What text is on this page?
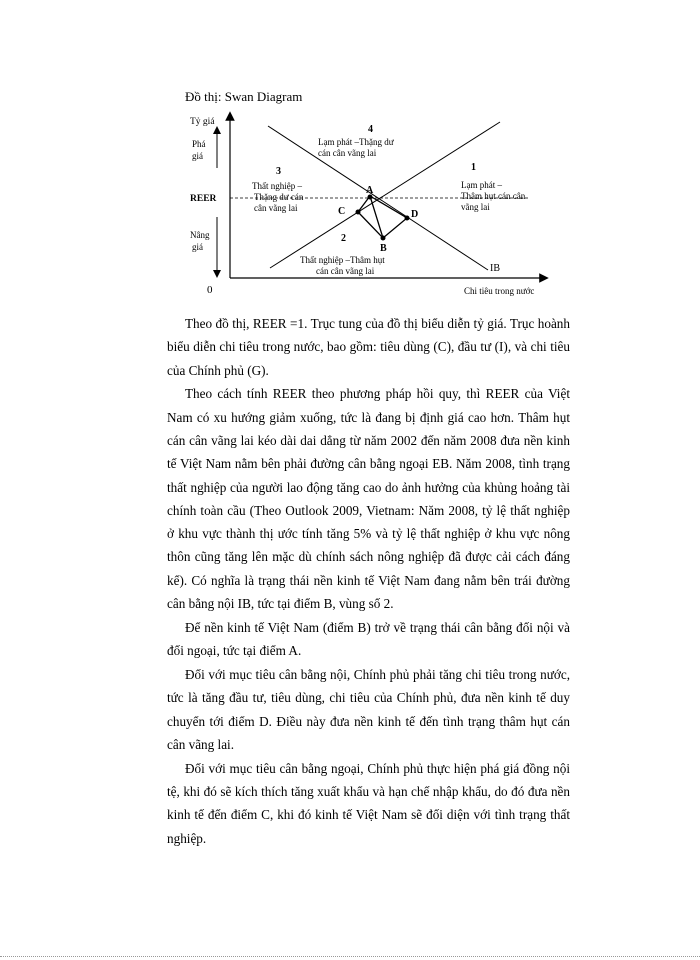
Đồ thị: Swan Diagram
Tỷ giá
Phá
giá
REER
Nâng
giá
0	Chi tiêu trong nước
IB
4
Lạm phát –Thặng dư
cán cân vãng lai
3
Thất nghiệp –
Thặng dư cán
cân vãng lai
1
Lạm phát –
Thâm hụt cán cân
vãng lai
2
Thất nghiệp –Thâm hụt
cán cân vãng lai
A
B
C	D

Theo đồ thị, REER =1. Trục tung của đồ thị biểu diễn tỷ giá. Trục hoành biểu diễn chi tiêu trong nước, bao gồm: tiêu dùng (C), đầu tư (I), và chi tiêu của Chính phủ (G).

Theo cách tính REER theo phương pháp hồi quy, thì REER của Việt Nam có xu hướng giảm xuống, tức là đang bị định giá cao hơn. Thâm hụt cán cân vãng lai kéo dài dai dẳng từ năm 2002 đến năm 2008 đưa nền kinh tế Việt Nam nằm bên phải đường cân bằng ngoại EB. Năm 2008, tình trạng thất nghiệp của người lao động tăng cao do ảnh hưởng của khủng hoảng tài chính toàn cầu (Theo Outlook 2009, Vietnam: Năm 2008, tỷ lệ thất nghiệp ở khu vực thành thị ước tính tăng 5% và tỷ lệ thất nghiệp ở khu vực nông thôn cũng tăng lên mặc dù chính sách nông nghiệp đã được cải cách đáng kể). Có nghĩa là trạng thái nền kinh tế Việt Nam đang nằm bên trái đường cân bằng nội IB, tức tại điểm B, vùng số 2.

Để nền kinh tế Việt Nam (điểm B) trở về trạng thái cân bằng đối nội và đối ngoại, tức tại điểm A.

Đối với mục tiêu cân bằng nội, Chính phủ phải tăng chi tiêu trong nước, tức là tăng đầu tư, tiêu dùng, chi tiêu của Chính phủ, đưa nền kinh tế duy chuyển tới điểm D. Điều này đưa nền kinh tế đến tình trạng thâm hụt cán cân vãng lai.

Đối với mục tiêu cân bằng ngoại, Chính phủ thực hiện phá giá đồng nội tệ, khi đó sẽ kích thích tăng xuất khẩu và hạn chế nhập khẩu, do đó đưa nền kinh tế đến điểm C, khi đó kinh tế Việt Nam sẽ đối diện với tình trạng thất nghiệp.
